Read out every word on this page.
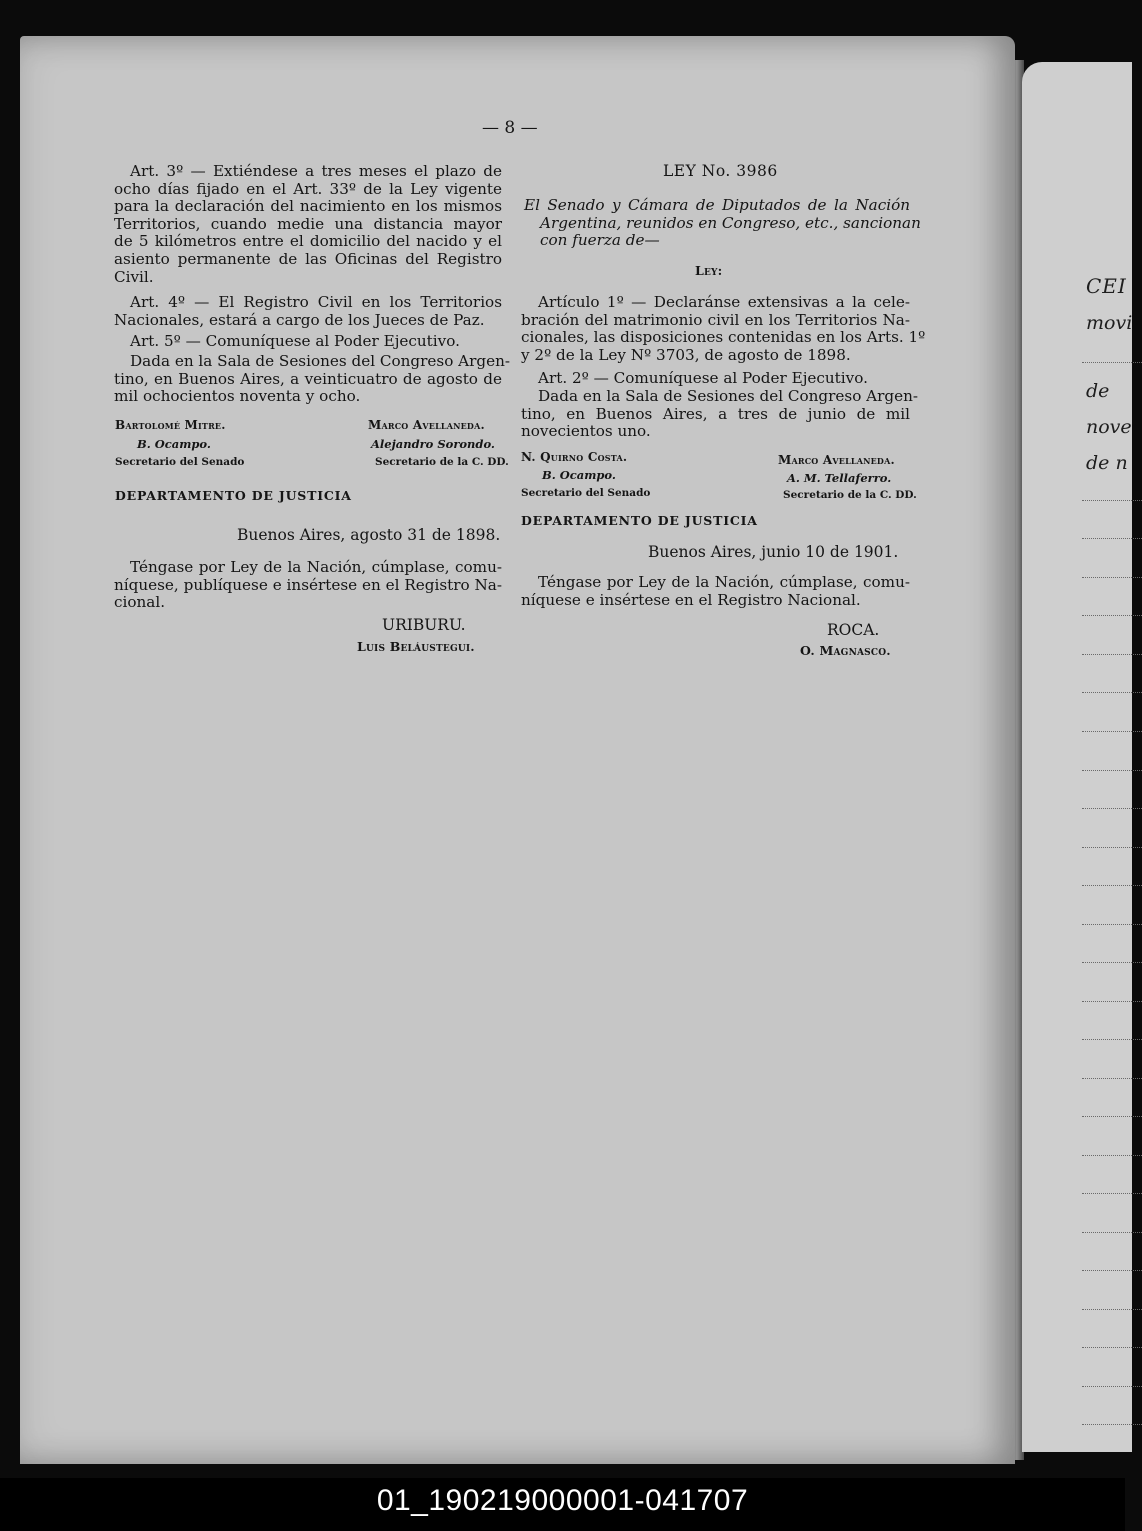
CEI
movi
de
nove
de n
— 8 —
Art. 3º — Extiéndese a tres meses el plazo de
ocho días fijado en el Art. 33º de la Ley vigente
para la declaración del nacimiento en los mismos
Territorios, cuando medie una distancia mayor
de 5 kilómetros entre el domicilio del nacido y el
asiento permanente de las Oficinas del Registro
Civil.
Art. 4º — El Registro Civil en los Territorios
Nacionales, estará a cargo de los Jueces de Paz.
Art. 5º — Comuníquese al Poder Ejecutivo.
Dada en la Sala de Sesiones del Congreso Argen-
tino, en Buenos Aires, a veinticuatro de agosto de
mil ochocientos noventa y ocho.
Bartolomé Mitre.
B. Ocampo.
Secretario del Senado
Marco Avellaneda.
Alejandro Sorondo.
Secretario de la C. DD.
DEPARTAMENTO DE JUSTICIA
Buenos Aires, agosto 31 de 1898.
Téngase por Ley de la Nación, cúmplase, comu-
níquese, publíquese e insértese en el Registro Na-
cional.
URIBURU.
Luis Beláustegui.
LEY No. 3986
El Senado y Cámara de Diputados de la Nación
Argentina, reunidos en Congreso, etc., sancionan
con fuerza de—
Ley:
Artículo 1º — Declaránse extensivas a la cele-
bración del matrimonio civil en los Territorios Na-
cionales, las disposiciones contenidas en los Arts. 1º
y 2º de la Ley Nº 3703, de agosto de 1898.
Art. 2º — Comuníquese al Poder Ejecutivo.
Dada en la Sala de Sesiones del Congreso Argen-
tino, en Buenos Aires, a tres de junio de mil
novecientos uno.
N. Quirno Costa.
B. Ocampo.
Secretario del Senado
Marco Avellaneda.
A. M. Tellaferro.
Secretario de la C. DD.
DEPARTAMENTO DE JUSTICIA
Buenos Aires, junio 10 de 1901.
Téngase por Ley de la Nación, cúmplase, comu-
níquese e insértese en el Registro Nacional.
ROCA.
O. Magnasco.
01_190219000001-041707
